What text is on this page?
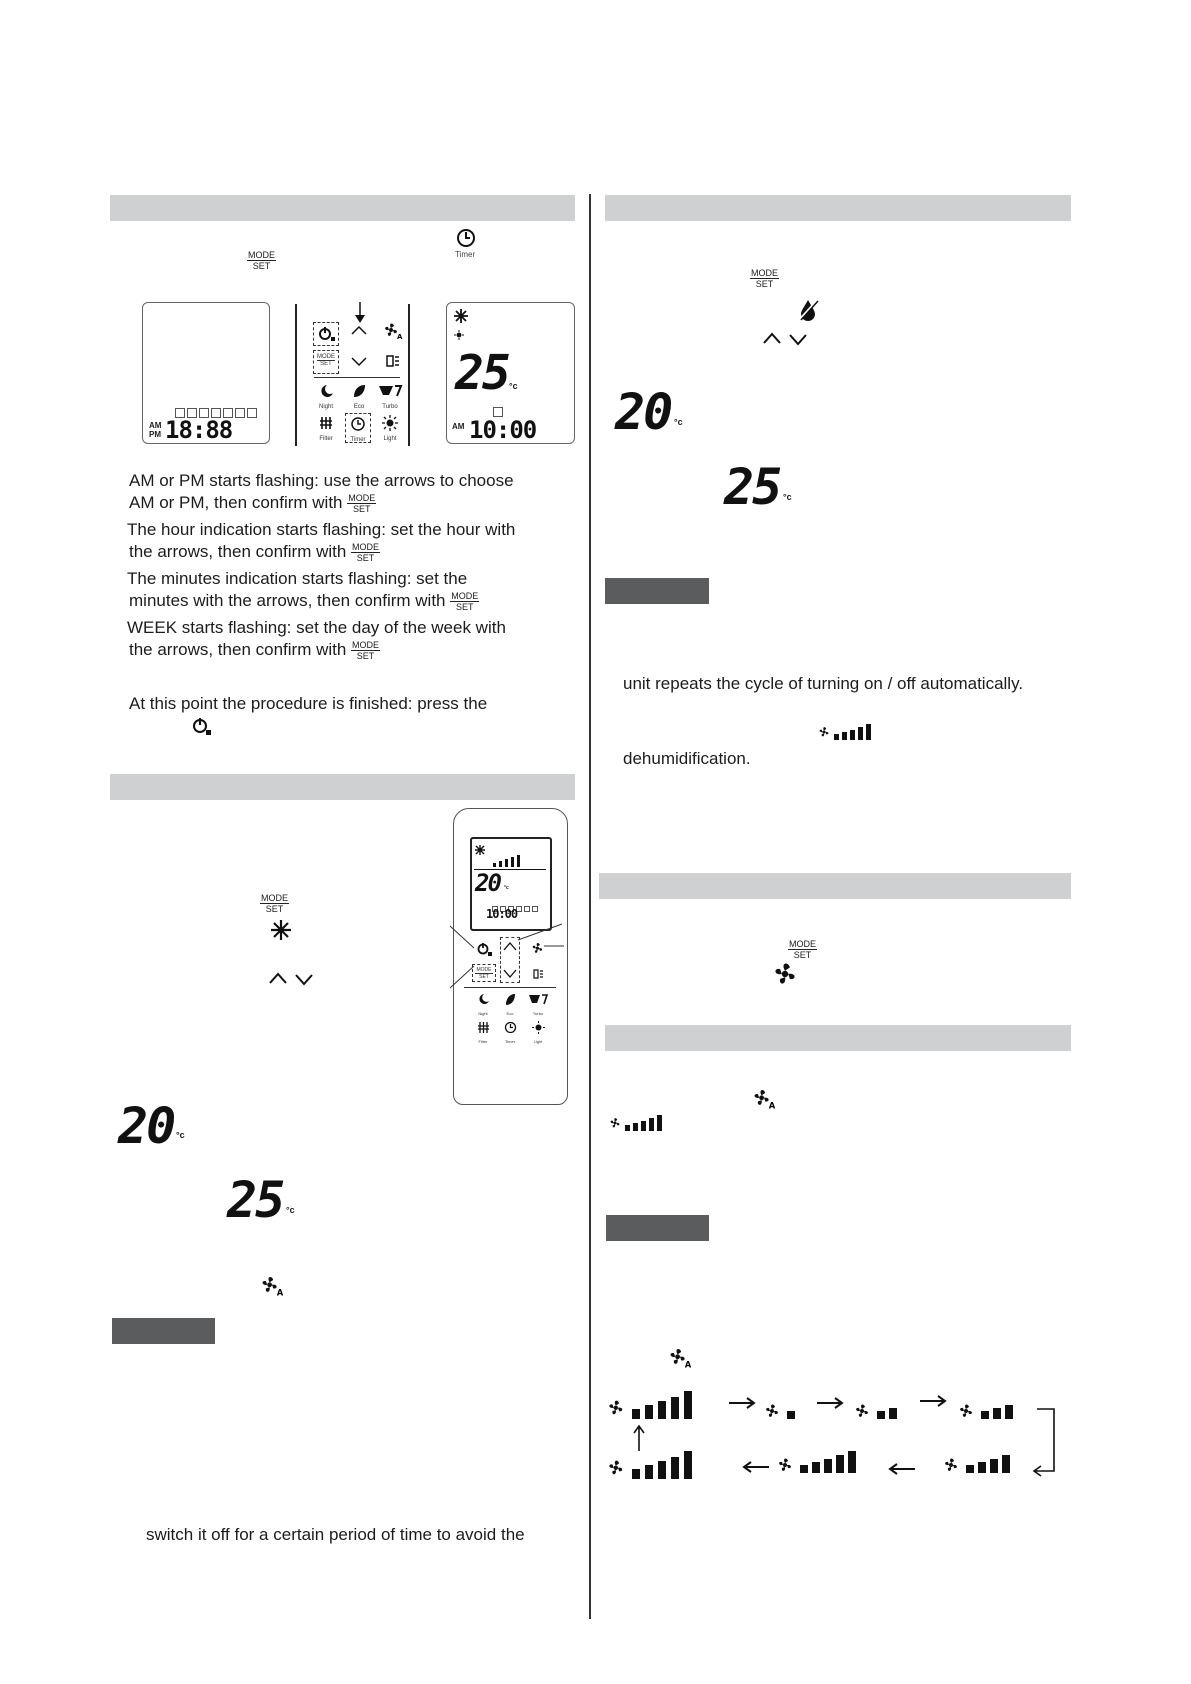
MODE
SET
Timer
AM
PM 18:88
A
MODE
SET
Night	Eco	Turbo
Filter	Timer	Light
25 °c
AM 10:00
AM or PM starts flashing: use the arrows to choose
AM or PM, then confirm with $\frac{\text{MODE}}{\text{SET}}$
The hour indication starts flashing: set the hour with
the arrows, then confirm with $\frac{\text{MODE}}{\text{SET}}$
The minutes indication starts flashing: set the
minutes with the arrows, then confirm with $\frac{\text{MODE}}{\text{SET}}$
WEEK starts flashing: set the day of the week with
the arrows, then confirm with $\frac{\text{MODE}}{\text{SET}}$
At this point the procedure is finished: press the
MODE
SET
20 °c
25 °c
A
switch it off for a certain period of time to avoid the
20 °c
10:00
MODE
SET
Night	Eco	Turbo
Filter	Timer	Light
MODE
SET
20 °c
25 °c
unit repeats the cycle of turning on / off automatically.
dehumidification.
MODE
SET
A
A
